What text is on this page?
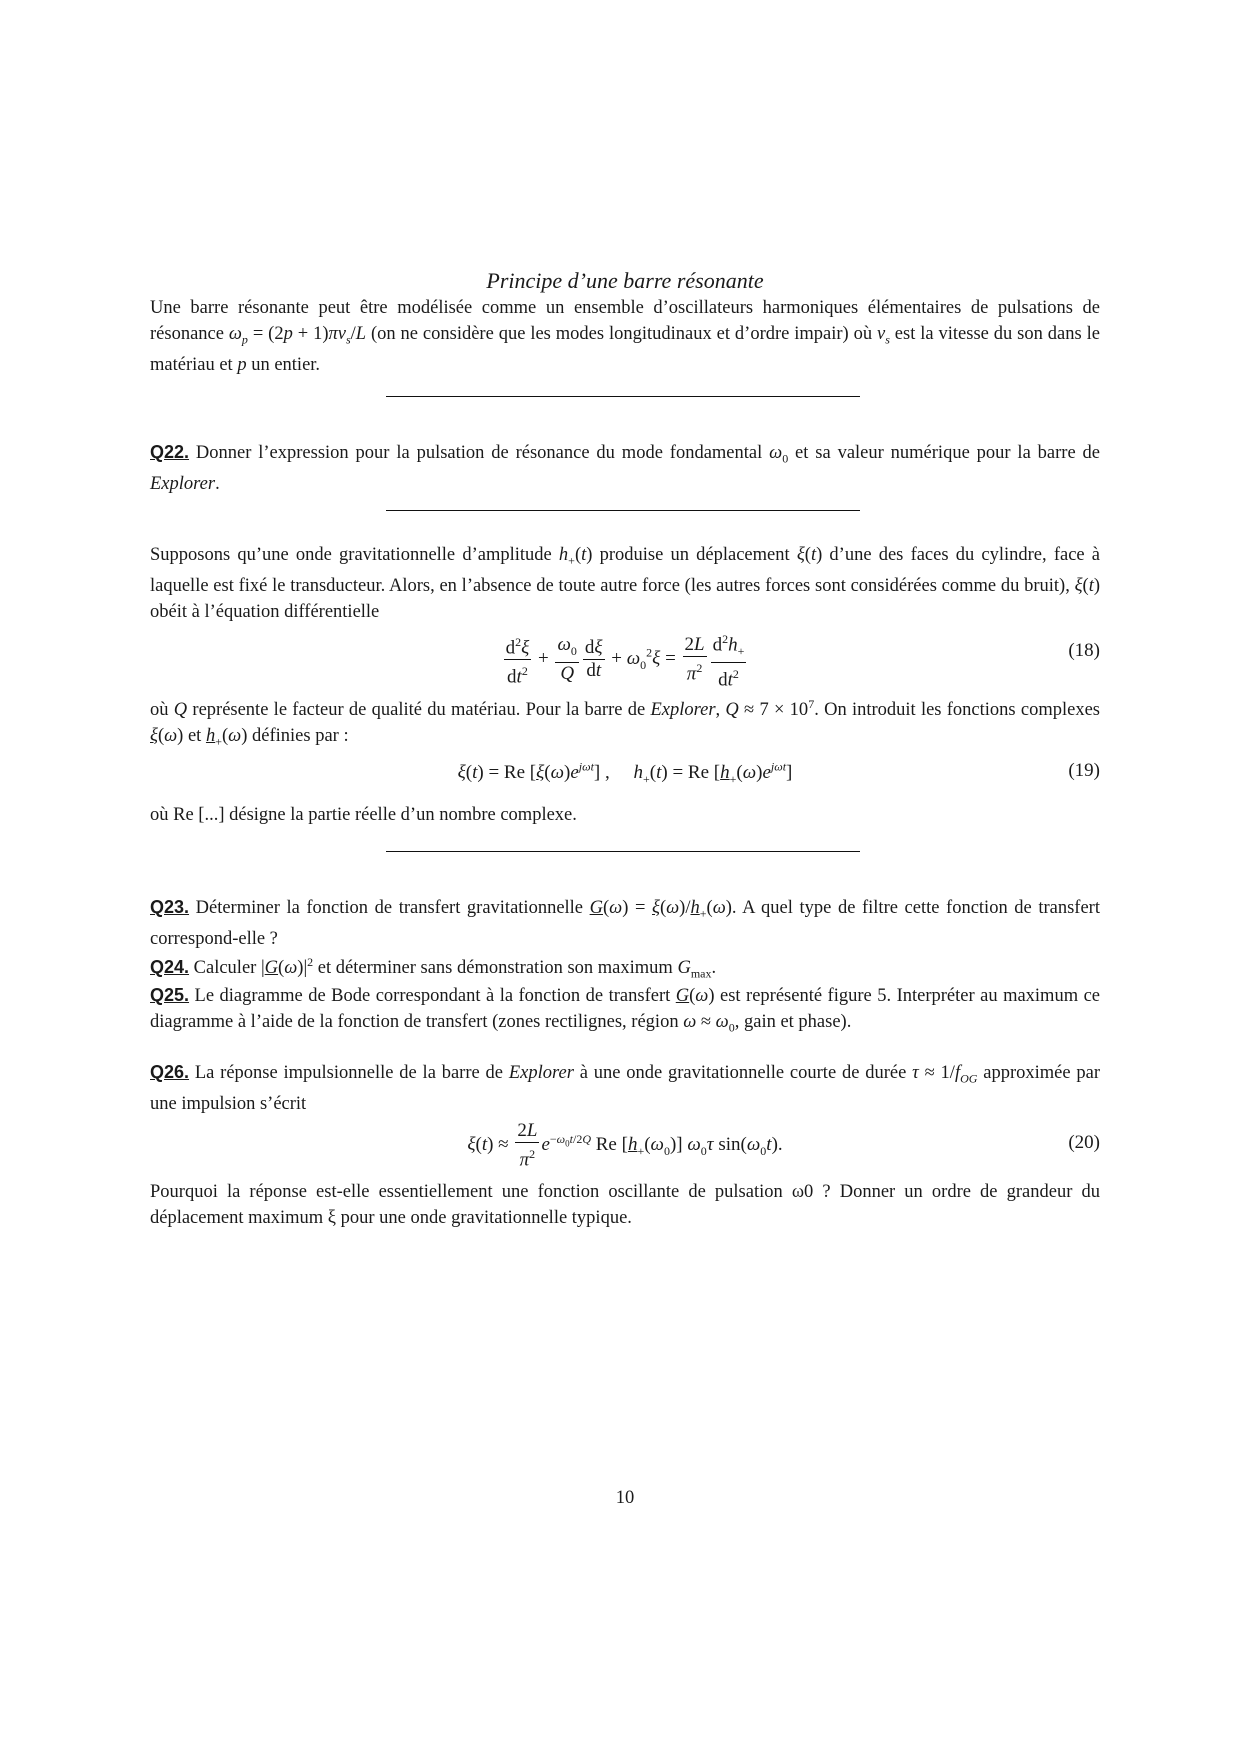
Principe d’une barre résonante

Une barre résonante peut être modélisée comme un ensemble d’oscillateurs harmoniques élémentaires de pulsations de résonance $\omega_p = (2p + 1)\pi v_s/L$ (on ne considère que les modes longitudinaux et d’ordre impair) où $v_s$ est la vitesse du son dans le matériau et p un entier.

Q22. Donner l’expression pour la pulsation de résonance du mode fondamental $\omega_0$ et sa valeur numérique pour la barre de Explorer.

Supposons qu’une onde gravitationnelle d’amplitude $h_+(t)$ produise un déplacement ξ(t) d’une des faces du cylindre, face à laquelle est fixé le transducteur. Alors, en l’absence de toute autre force (les autres forces sont considérées comme du bruit), ξ(t) obéit à l’équation différentielle

$\frac{d^2\xi}{dt^2} + \frac{\omega_0}{Q} \frac{d\xi}{dt} + \omega_0^2\xi = \frac{2L}{\pi^2} \frac{d^2h_+}{dt^2}$	(18)

où Q représente le facteur de qualité du matériau. Pour la barre de Explorer, $Q \approx 7 \times 10^7$. On introduit les fonctions complexes ξ(ω) et $h_+(\omega)$ définies par :

ξ(t) = Re $[\xi(\omega)e^{j\omega t}]$ , $h_+(t) = Re$ $[h_+(\omega)e^{j\omega t}]$	(19)

où Re [...] désigne la partie réelle d’un nombre complexe.

Q23. Déterminer la fonction de transfert gravitationnelle $G(\omega) = \xi(\omega)/h_+(\omega)$. A quel type de filtre cette fonction de transfert correspond-elle ?

Q24. Calculer $|G(\omega)|^2$ et déterminer sans démonstration son maximum $G_{max}$.

Q25. Le diagramme de Bode correspondant à la fonction de transfert G(ω) est représenté figure 5. Interpréter au maximum ce diagramme à l’aide de la fonction de transfert (zones rectilignes, région $\omega \approx \omega_0$, gain et phase).

Q26. La réponse impulsionnelle de la barre de Explorer à une onde gravitationnelle courte de durée $\tau \approx 1/f_{OG}$ approximée par une impulsion s’écrit

$\xi(t) \approx \frac{2L}{\pi^2} e^{-\omega_0t/2Q}$ Re $[h_+(\omega_0)]$ $\omega_0\tau$ $\sin(\omega_0t)$.	(20)

Pourquoi la réponse est-elle essentiellement une fonction oscillante de pulsation ω0 ? Donner un ordre de grandeur du déplacement maximum ξ pour une onde gravitationnelle typique.

10
